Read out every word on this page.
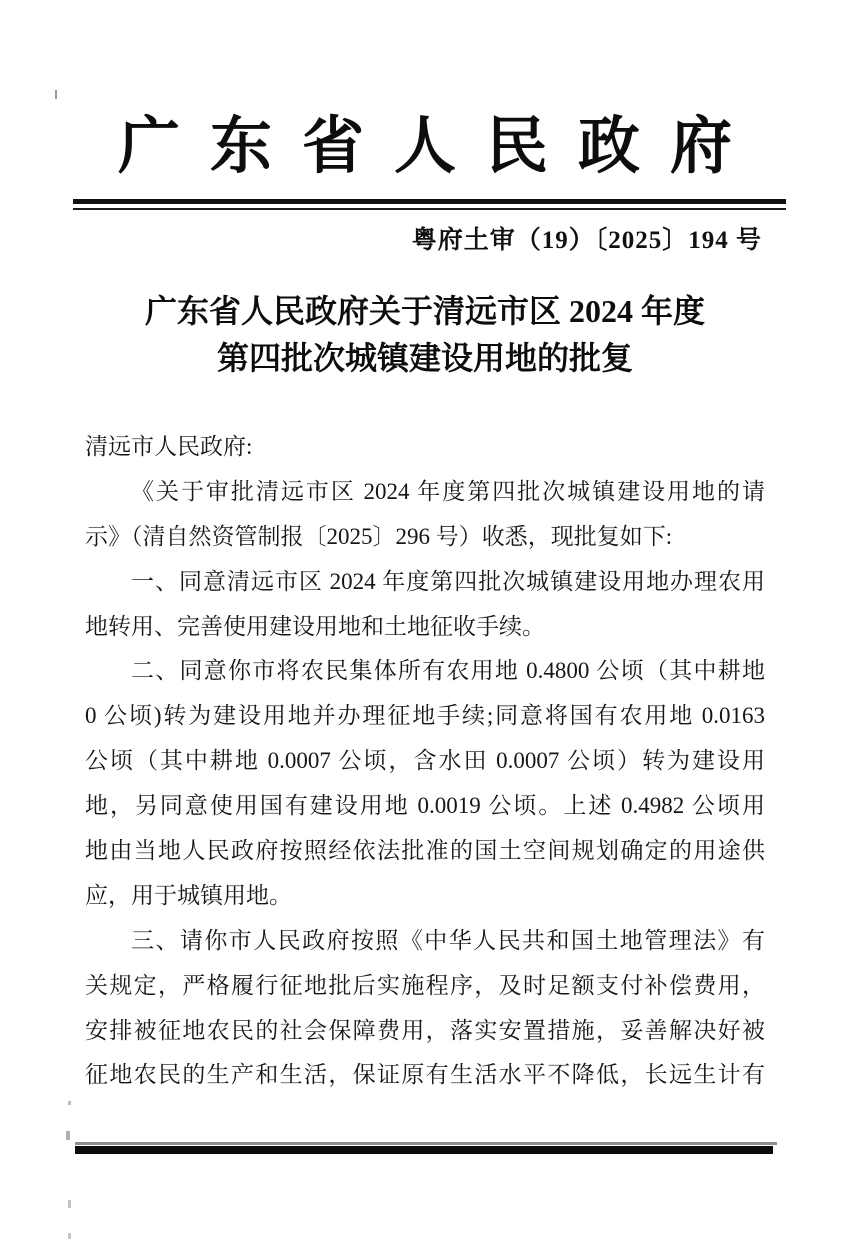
广东省人民政府
粤府土审（19）〔2025〕194 号
广东省人民政府关于清远市区 2024 年度
第四批次城镇建设用地的批复
清远市人民政府:
《关于审批清远市区 2024 年度第四批次城镇建设用地的请
示》（清自然资管制报〔2025〕296 号）收悉，现批复如下:
一、同意清远市区 2024 年度第四批次城镇建设用地办理农用
地转用、完善使用建设用地和土地征收手续。
二、同意你市将农民集体所有农用地 0.4800 公顷（其中耕地
0 公顷)转为建设用地并办理征地手续;同意将国有农用地 0.0163
公顷（其中耕地 0.0007 公顷，含水田 0.0007 公顷）转为建设用
地，另同意使用国有建设用地 0.0019 公顷。上述 0.4982 公顷用
地由当地人民政府按照经依法批准的国土空间规划确定的用途供
应，用于城镇用地。
三、请你市人民政府按照《中华人民共和国土地管理法》有
关规定，严格履行征地批后实施程序，及时足额支付补偿费用，
安排被征地农民的社会保障费用，落实安置措施，妥善解决好被
征地农民的生产和生活，保证原有生活水平不降低，长远生计有
